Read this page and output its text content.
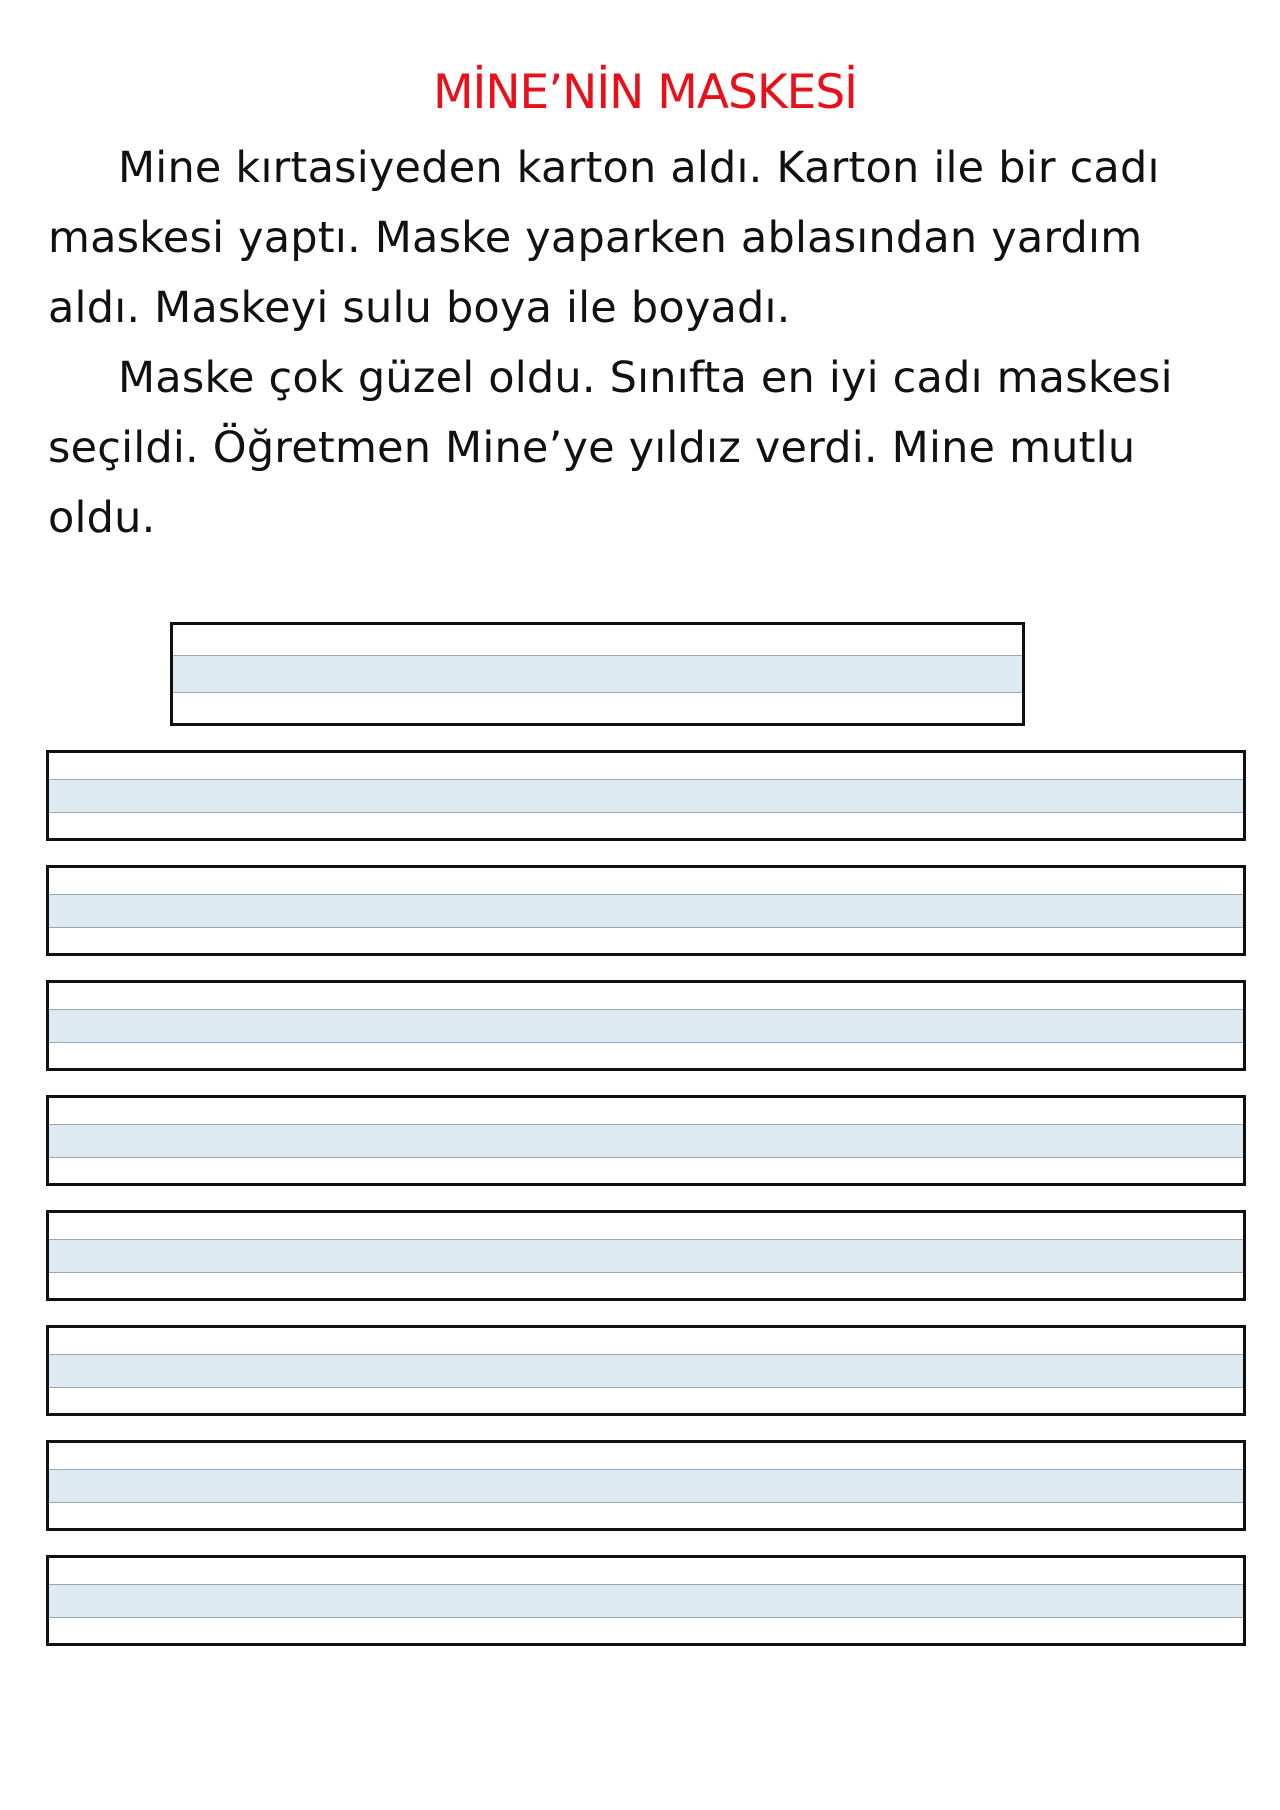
MİNE’NİN MASKESİ
Mine kırtasiyeden karton aldı. Karton ile bir cadı
maskesi yaptı. Maske yaparken ablasından yardım
aldı. Maskeyi sulu boya ile boyadı.
Maske çok güzel oldu. Sınıfta en iyi cadı maskesi
seçildi. Öğretmen Mine’ye yıldız verdi. Mine mutlu
oldu.
